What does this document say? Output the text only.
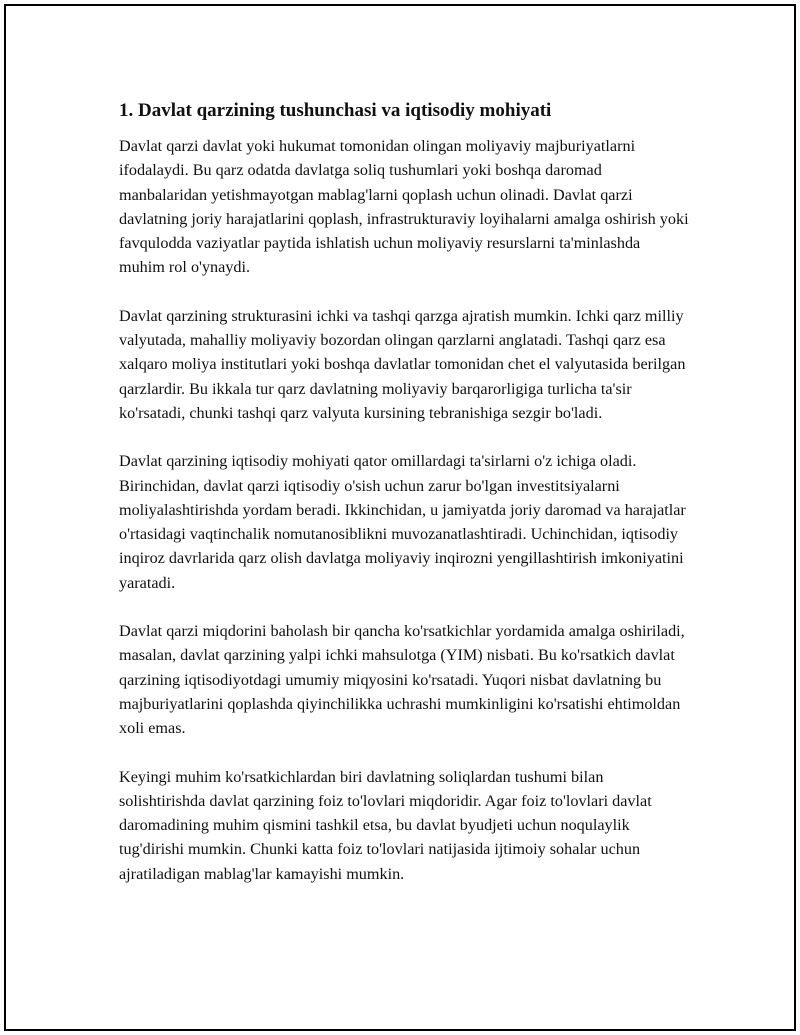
1. Davlat qarzining tushunchasi va iqtisodiy mohiyati

Davlat qarzi davlat yoki hukumat tomonidan olingan moliyaviy majburiyatlarni ifodalaydi. Bu qarz odatda davlatga soliq tushumlari yoki boshqa daromad manbalaridan yetishmayotgan mablag'larni qoplash uchun olinadi. Davlat qarzi davlatning joriy harajatlarini qoplash, infrastrukturaviy loyihalarni amalga oshirish yoki favqulodda vaziyatlar paytida ishlatish uchun moliyaviy resurslarni ta'minlashda muhim rol o'ynaydi.

Davlat qarzining strukturasini ichki va tashqi qarzga ajratish mumkin. Ichki qarz milliy valyutada, mahalliy moliyaviy bozordan olingan qarzlarni anglatadi. Tashqi qarz esa xalqaro moliya institutlari yoki boshqa davlatlar tomonidan chet el valyutasida berilgan qarzlardir. Bu ikkala tur qarz davlatning moliyaviy barqarorligiga turlicha ta'sir ko'rsatadi, chunki tashqi qarz valyuta kursining tebranishiga sezgir bo'ladi.

Davlat qarzining iqtisodiy mohiyati qator omillardagi ta'sirlarni o'z ichiga oladi. Birinchidan, davlat qarzi iqtisodiy o'sish uchun zarur bo'lgan investitsiyalarni moliyalashtirishda yordam beradi. Ikkinchidan, u jamiyatda joriy daromad va harajatlar o'rtasidagi vaqtinchalik nomutanosiblikni muvozanatlashtiradi. Uchinchidan, iqtisodiy inqiroz davrlarida qarz olish davlatga moliyaviy inqirozni yengillashtirish imkoniyatini yaratadi.

Davlat qarzi miqdorini baholash bir qancha ko'rsatkichlar yordamida amalga oshiriladi, masalan, davlat qarzining yalpi ichki mahsulotga (YIM) nisbati. Bu ko'rsatkich davlat qarzining iqtisodiyotdagi umumiy miqyosini ko'rsatadi. Yuqori nisbat davlatning bu majburiyatlarini qoplashda qiyinchilikka uchrashi mumkinligini ko'rsatishi ehtimoldan xoli emas.

Keyingi muhim ko'rsatkichlardan biri davlatning soliqlardan tushumi bilan solishtirishda davlat qarzining foiz to'lovlari miqdoridir. Agar foiz to'lovlari davlat daromadining muhim qismini tashkil etsa, bu davlat byudjeti uchun noqulaylik tug'dirishi mumkin. Chunki katta foiz to'lovlari natijasida ijtimoiy sohalar uchun ajratiladigan mablag'lar kamayishi mumkin.
